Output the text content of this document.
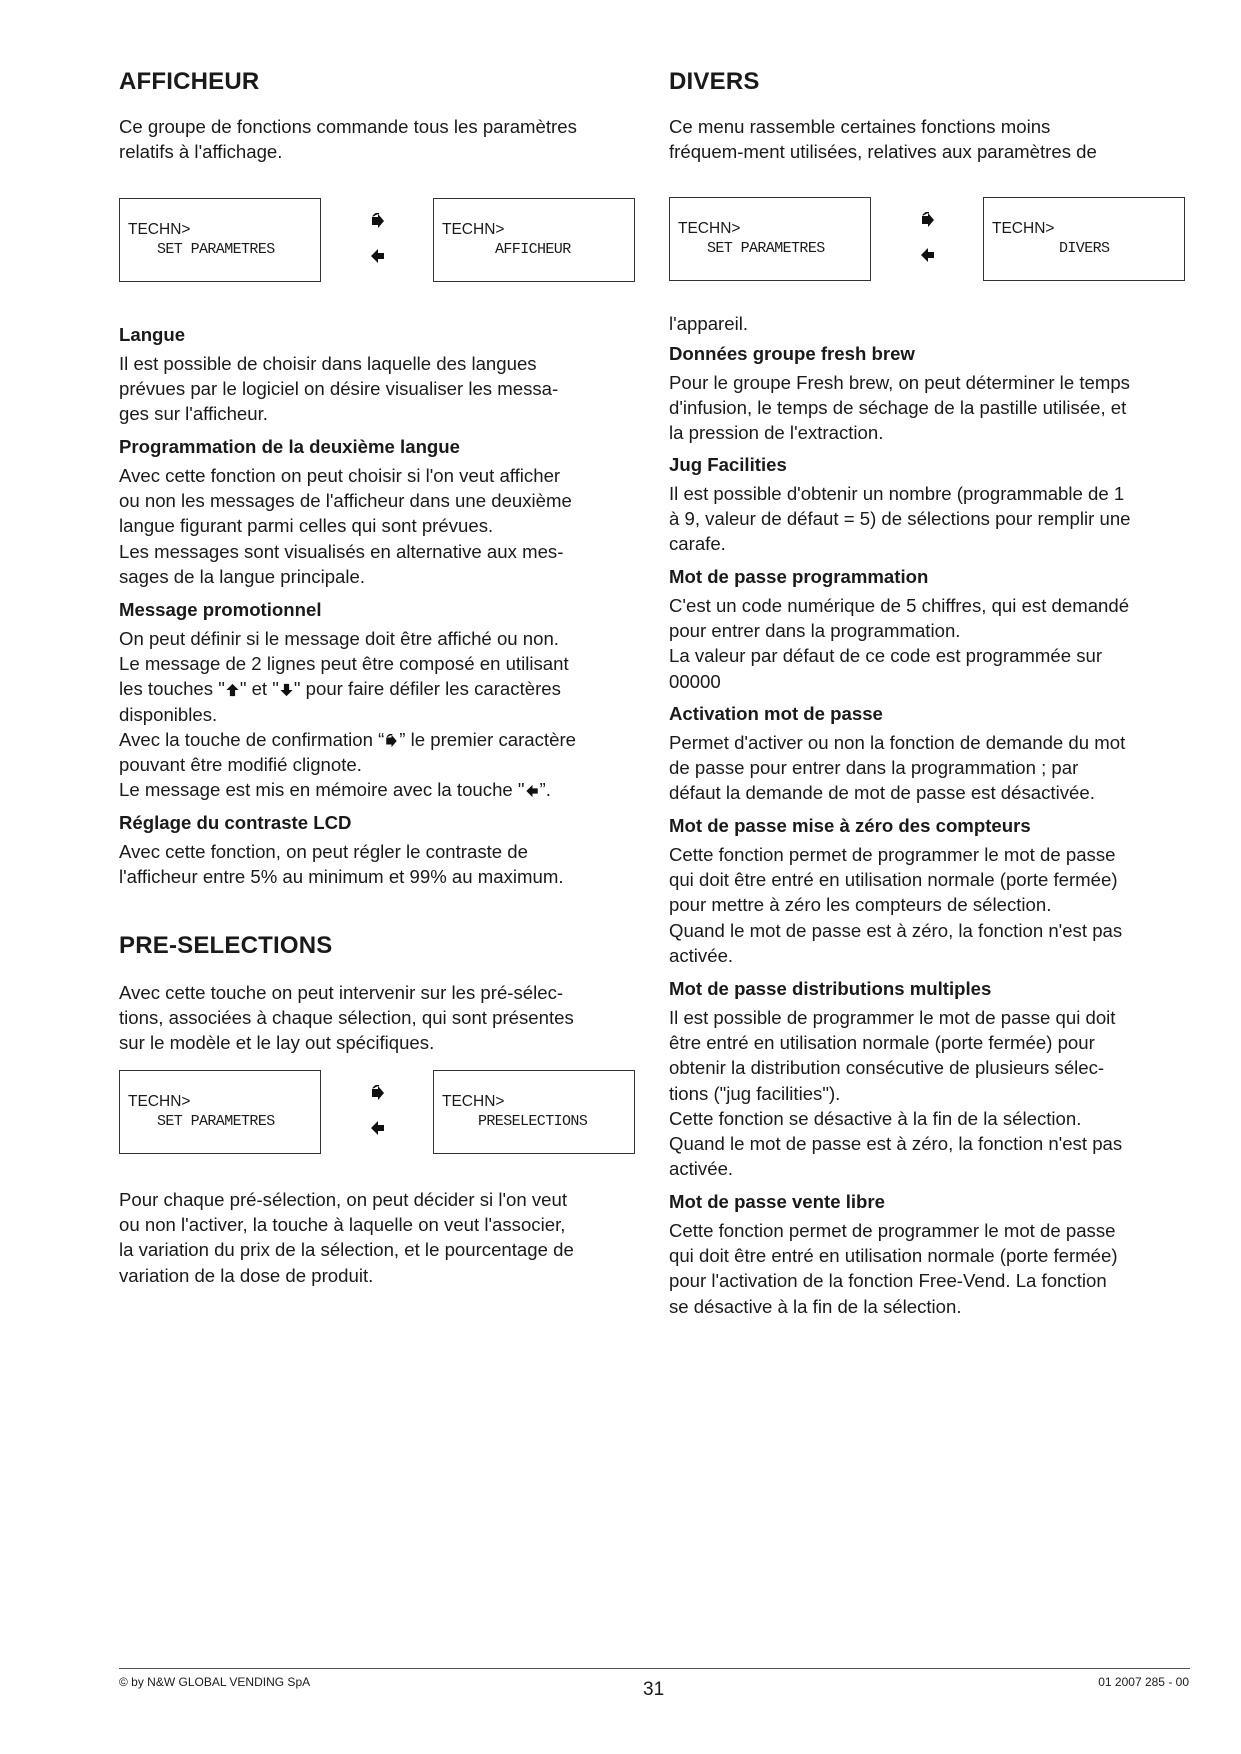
AFFICHEUR

Ce groupe de fonctions commande tous les paramètres

relatifs à l'affichage.

TECHN>
SET PARAMETRES
TECHN>
AFFICHEUR

Langue

Il est possible de choisir dans laquelle des langues

prévues par le logiciel on désire visualiser les messa-

ges sur l'afficheur.

Programmation de la deuxième langue

Avec cette fonction on peut choisir si l'on veut afficher

ou non les messages de l'afficheur dans une deuxième

langue figurant parmi celles qui sont prévues.

Les messages sont visualisés en alternative aux mes-

sages de la langue principale.

Message promotionnel

On peut définir si le message doit être affiché ou non.

Le message de 2 lignes peut être composé en utilisant

les touches " " et " " pour faire défiler les caractères

disponibles.

Avec la touche de confirmation “ ” le premier caractère

pouvant être modifié clignote.

Le message est mis en mémoire avec la touche " ”.

Réglage du contraste LCD

Avec cette fonction, on peut régler le contraste de

l'afficheur entre 5% au minimum et 99% au maximum.

PRE-SELECTIONS

Avec cette touche on peut intervenir sur les pré-sélec-

tions, associées à chaque sélection, qui sont présentes

sur le modèle et le lay out spécifiques.

TECHN>
SET PARAMETRES
TECHN>
PRESELECTIONS

Pour chaque pré-sélection, on peut décider si l'on veut

ou non l'activer, la touche à laquelle on veut l'associer,

la variation du prix de la sélection, et le pourcentage de

variation de la dose de produit.

DIVERS

Ce menu rassemble certaines fonctions moins

fréquem-ment utilisées, relatives aux paramètres de

TECHN>
SET PARAMETRES
TECHN>
DIVERS

l'appareil.

Données groupe fresh brew

Pour le groupe Fresh brew, on peut déterminer le temps

d'infusion, le temps de séchage de la pastille utilisée, et

la pression de l'extraction.

Jug Facilities

Il est possible d'obtenir un nombre (programmable de 1

à 9, valeur de défaut = 5) de sélections pour remplir une

carafe.

Mot de passe programmation

C'est un code numérique de 5 chiffres, qui est demandé

pour entrer dans la programmation.

La valeur par défaut de ce code est programmée sur

00000

Activation mot de passe

Permet d'activer ou non la fonction de demande du mot

de passe pour entrer dans la programmation ; par

défaut la demande de mot de passe est désactivée.

Mot de passe mise à zéro des compteurs

Cette fonction permet de programmer le mot de passe

qui doit être entré en utilisation normale (porte fermée)

pour mettre à zéro les compteurs de sélection.

Quand le mot de passe est à zéro, la fonction n'est pas

activée.

Mot de passe distributions multiples

Il est possible de programmer le mot de passe qui doit

être entré en utilisation normale (porte fermée) pour

obtenir la distribution consécutive de plusieurs sélec-

tions ("jug facilities").

Cette fonction se désactive à la fin de la sélection.

Quand le mot de passe est à zéro, la fonction n'est pas

activée.

Mot de passe vente libre

Cette fonction permet de programmer le mot de passe

qui doit être entré en utilisation normale (porte fermée)

pour l'activation de la fonction Free-Vend. La fonction

se désactive à la fin de la sélection.

© by N&W GLOBAL VENDING SpA	31	01 2007 285 - 00
